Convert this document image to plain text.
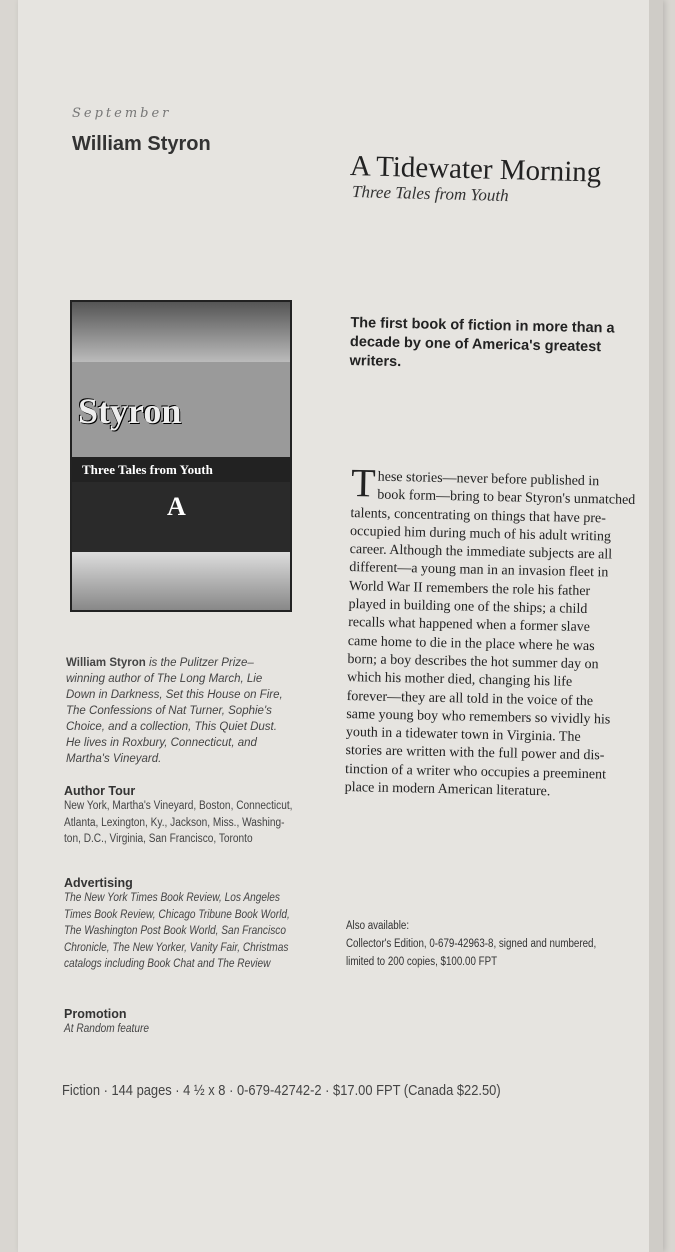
September
William Styron
A Tidewater Morning
Three Tales from Youth
Styron
Three Tales from Youth
A
The first book of fiction in more than a decade by one of America's greatest writers.
T hese stories—never before published in
book form—bring to bear Styron's unmatched
talents, concentrating on things that have pre-
occupied him during much of his adult writing
career. Although the immediate subjects are all
different—a young man in an invasion fleet in
World War II remembers the role his father
played in building one of the ships; a child
recalls what happened when a former slave
came home to die in the place where he was
born; a boy describes the hot summer day on
which his mother died, changing his life
forever—they are all told in the voice of the
same young boy who remembers so vividly his
youth in a tidewater town in Virginia. The
stories are written with the full power and dis-
tinction of a writer who occupies a preeminent
place in modern American literature.
William Styron is the Pulitzer Prize–
winning author of The Long March, Lie
Down in Darkness, Set this House on Fire,
The Confessions of Nat Turner, Sophie's
Choice, and a collection, This Quiet Dust.
He lives in Roxbury, Connecticut, and
Martha's Vineyard.
Author Tour
New York, Martha's Vineyard, Boston, Connecticut,
Atlanta, Lexington, Ky., Jackson, Miss., Washing-
ton, D.C., Virginia, San Francisco, Toronto
Advertising
The New York Times Book Review, Los Angeles
Times Book Review, Chicago Tribune Book World,
The Washington Post Book World, San Francisco
Chronicle, The New Yorker, Vanity Fair, Christmas
catalogs including Book Chat and The Review
Promotion
At Random feature
Also available:
Collector's Edition, 0-679-42963-8, signed and numbered,
limited to 200 copies, $100.00 FPT
Fiction · 144 pages · 4 ½ x 8 · 0-679-42742-2 · $17.00 FPT (Canada $22.50)
